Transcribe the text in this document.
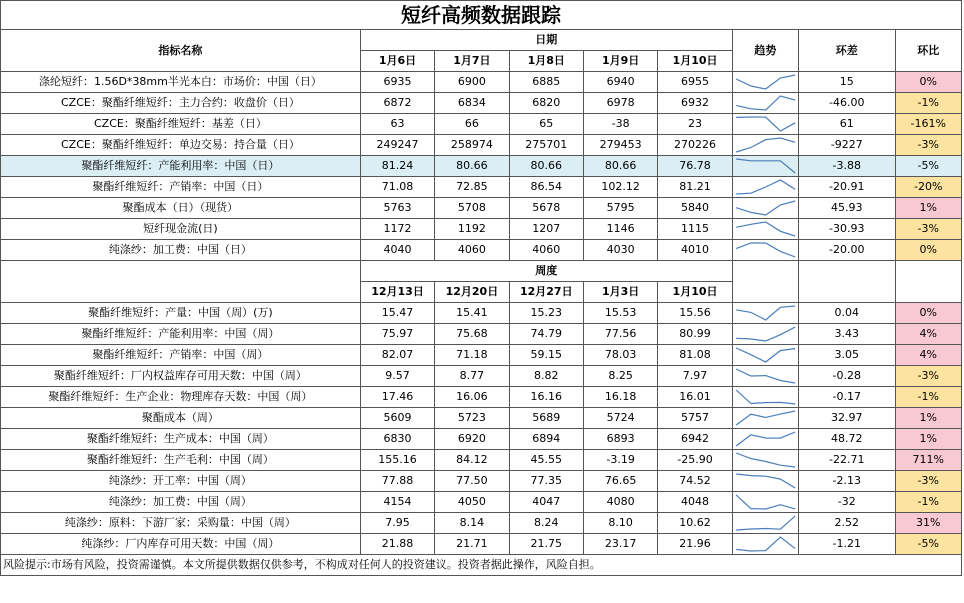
短纤高频数据跟踪								
指标名称	日期					趋势	环差	环比
	1月6日	1月7日	1月8日	1月9日	1月10日			
涤纶短纤：1.56D*38mm半光本白：市场价：中国（日）	6935	6900	6885	6940	6955		15	0%
CZCE：聚酯纤维短纤：主力合约：收盘价（日）	6872	6834	6820	6978	6932		-46.00	-1%
CZCE：聚酯纤维短纤：基差（日）	63	66	65	-38	23		61	-161%
CZCE：聚酯纤维短纤：单边交易：持合量（日）	249247	258974	275701	279453	270226		-9227	-3%
聚酯纤维短纤：产能利用率：中国（日）	81.24	80.66	80.66	80.66	76.78		-3.88	-5%
聚酯纤维短纤：产销率：中国（日）	71.08	72.85	86.54	102.12	81.21		-20.91	-20%
聚酯成本（日）（现货）	5763	5708	5678	5795	5840		45.93	1%
短纤现金流(日)	1172	1192	1207	1146	1115		-30.93	-3%
纯涤纱：加工费：中国（日）	4040	4060	4060	4030	4010		-20.00	0%
	周度							
	12月13日	12月20日	12月27日	1月3日	1月10日			
聚酯纤维短纤：产量：中国（周）(万)	15.47	15.41	15.23	15.53	15.56		0.04	0%
聚酯纤维短纤：产能利用率：中国（周）	75.97	75.68	74.79	77.56	80.99		3.43	4%
聚酯纤维短纤：产销率：中国（周）	82.07	71.18	59.15	78.03	81.08		3.05	4%
聚酯纤维短纤：厂内权益库存可用天数：中国（周）	9.57	8.77	8.82	8.25	7.97		-0.28	-3%
聚酯纤维短纤：生产企业：物理库存天数：中国（周）	17.46	16.06	16.16	16.18	16.01		-0.17	-1%
聚酯成本（周）	5609	5723	5689	5724	5757		32.97	1%
聚酯纤维短纤：生产成本：中国（周）	6830	6920	6894	6893	6942		48.72	1%
聚酯纤维短纤：生产毛利：中国（周）	155.16	84.12	45.55	-3.19	-25.90		-22.71	711%
纯涤纱：开工率：中国（周）	77.88	77.50	77.35	76.65	74.52		-2.13	-3%
纯涤纱：加工费：中国（周）	4154	4050	4047	4080	4048		-32	-1%
纯涤纱：原料：下游厂家：采购量：中国（周）	7.95	8.14	8.24	8.10	10.62		2.52	31%
纯涤纱：厂内库存可用天数：中国（周）	21.88	21.71	21.75	23.17	21.96		-1.21	-5%
风险提示:市场有风险，投资需谨慎。本文所提供数据仅供参考，不构成对任何人的投资建议。投资者据此操作，风险自担。								
